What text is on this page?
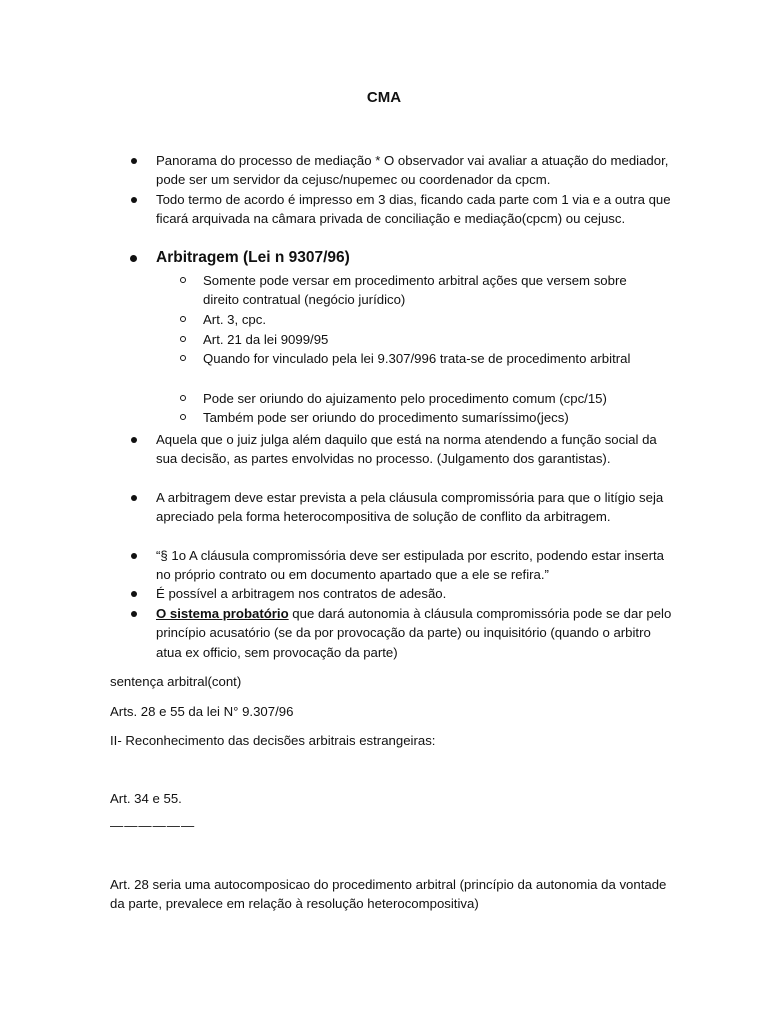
CMA
Panorama do processo de mediação * O observador vai avaliar a atuação do mediador, pode ser um servidor da cejusc/nupemec ou coordenador da cpcm.
Todo termo de acordo é impresso em 3 dias, ficando cada parte com 1 via e a outra que ficará arquivada na câmara privada de conciliação e mediação(cpcm) ou cejusc.
Arbitragem (Lei n 9307/96)
Somente pode versar em procedimento arbitral ações que versem sobre direito contratual (negócio jurídico)
Art. 3, cpc.
Art. 21 da lei 9099/95
Quando for vinculado pela lei 9.307/996 trata-se de procedimento arbitral
Pode ser oriundo do ajuizamento pelo procedimento comum (cpc/15)
Também pode ser oriundo do procedimento sumaríssimo(jecs)
Aquela que o juiz julga além daquilo que está na norma atendendo a função social da sua decisão, as partes envolvidas no processo. (Julgamento dos garantistas).
A arbitragem deve estar prevista a pela cláusula compromissória para que o litígio seja apreciado pela forma heterocompositiva de solução de conflito da arbitragem.
“§ 1o A cláusula compromissória deve ser estipulada por escrito, podendo estar inserta no próprio contrato ou em documento apartado que a ele se refira.”
É possível a arbitragem nos contratos de adesão.
O sistema probatório que dará autonomia à cláusula compromissória pode se dar pelo princípio acusatório (se da por provocação da parte) ou inquisitório (quando o arbitro atua ex officio, sem provocação da parte)
sentença arbitral(cont)
Arts. 28 e 55 da lei N° 9.307/96
II- Reconhecimento das decisões arbitrais estrangeiras:
Art. 34 e 55.
——————
Art. 28 seria uma autocomposicao do procedimento arbitral (princípio da autonomia da vontade da parte, prevalece em relação à resolução heterocompositiva)
